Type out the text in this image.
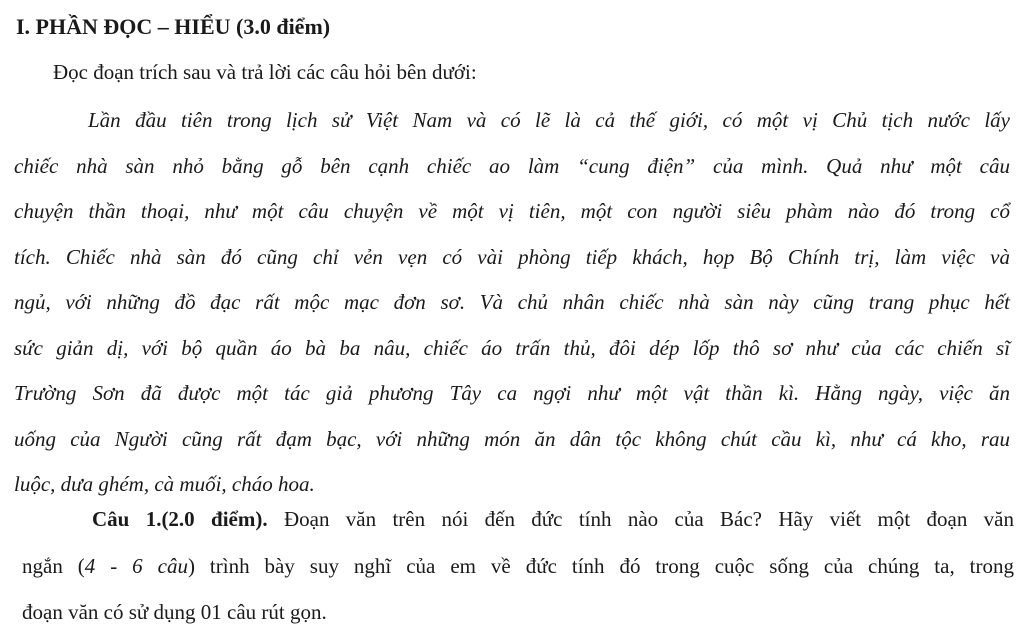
I. PHẦN ĐỌC – HIỂU (3.0 điểm)
Đọc đoạn trích sau và trả lời các câu hỏi bên dưới:
Lần đầu tiên trong lịch sử Việt Nam và có lẽ là cả thế giới, có một vị Chủ tịch nước lấy
chiếc nhà sàn nhỏ bằng gỗ bên cạnh chiếc ao làm “cung điện” của mình. Quả như một câu
chuyện thần thoại, như một câu chuyện về một vị tiên, một con người siêu phàm nào đó trong cổ
tích. Chiếc nhà sàn đó cũng chỉ vẻn vẹn có vài phòng tiếp khách, họp Bộ Chính trị, làm việc và
ngủ, với những đồ đạc rất mộc mạc đơn sơ. Và chủ nhân chiếc nhà sàn này cũng trang phục hết
sức giản dị, với bộ quần áo bà ba nâu, chiếc áo trấn thủ, đôi dép lốp thô sơ như của các chiến sĩ
Trường Sơn đã được một tác giả phương Tây ca ngợi như một vật thần kì. Hằng ngày, việc ăn
uống của Người cũng rất đạm bạc, với những món ăn dân tộc không chút cầu kì, như cá kho, rau
luộc, dưa ghém, cà muối, cháo hoa.
Câu 1.(2.0 điểm). Đoạn văn trên nói đến đức tính nào của Bác? Hãy viết một đoạn văn
ngắn (4 - 6 câu) trình bày suy nghĩ của em về đức tính đó trong cuộc sống của chúng ta, trong
đoạn văn có sử dụng 01 câu rút gọn.
